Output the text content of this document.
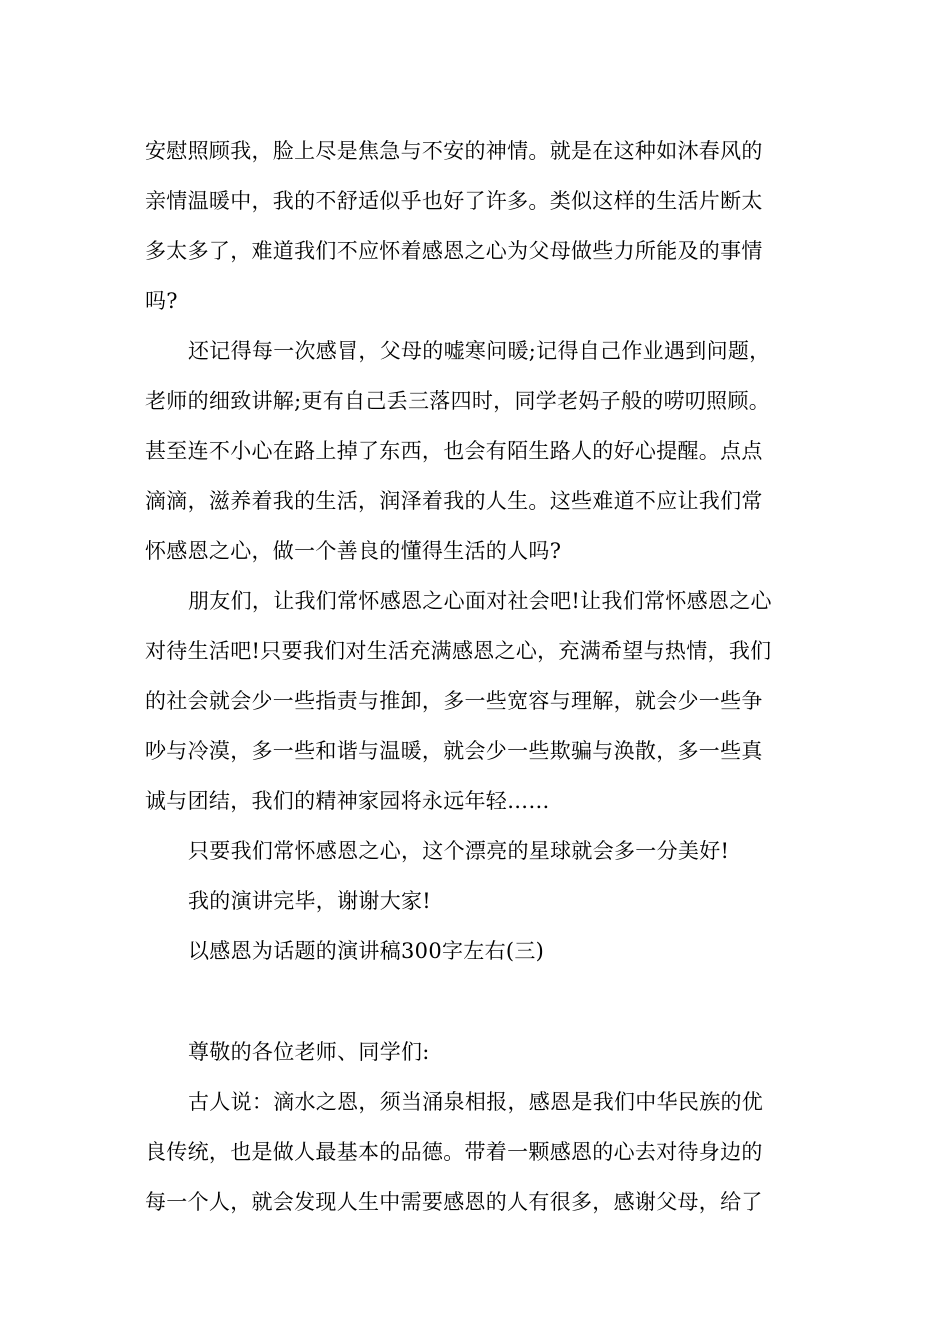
安慰照顾我，脸上尽是焦急与不安的神情。就是在这种如沐春风的
亲情温暖中，我的不舒适似乎也好了许多。类似这样的生活片断太
多太多了，难道我们不应怀着感恩之心为父母做些力所能及的事情
吗?
还记得每一次感冒，父母的嘘寒问暖;记得自己作业遇到问题，
老师的细致讲解;更有自己丢三落四时，同学老妈子般的唠叨照顾。
甚至连不小心在路上掉了东西，也会有陌生路人的好心提醒。点点
滴滴，滋养着我的生活，润泽着我的人生。这些难道不应让我们常
怀感恩之心，做一个善良的懂得生活的人吗?
朋友们，让我们常怀感恩之心面对社会吧!让我们常怀感恩之心
对待生活吧!只要我们对生活充满感恩之心，充满希望与热情，我们
的社会就会少一些指责与推卸，多一些宽容与理解，就会少一些争
吵与冷漠，多一些和谐与温暖，就会少一些欺骗与涣散，多一些真
诚与团结，我们的精神家园将永远年轻……
只要我们常怀感恩之心，这个漂亮的星球就会多一分美好!
我的演讲完毕，谢谢大家!
以感恩为话题的演讲稿300字左右(三)
尊敬的各位老师、同学们:
古人说：滴水之恩，须当涌泉相报，感恩是我们中华民族的优
良传统，也是做人最基本的品德。带着一颗感恩的心去对待身边的
每一个人，就会发现人生中需要感恩的人有很多，感谢父母，给了
